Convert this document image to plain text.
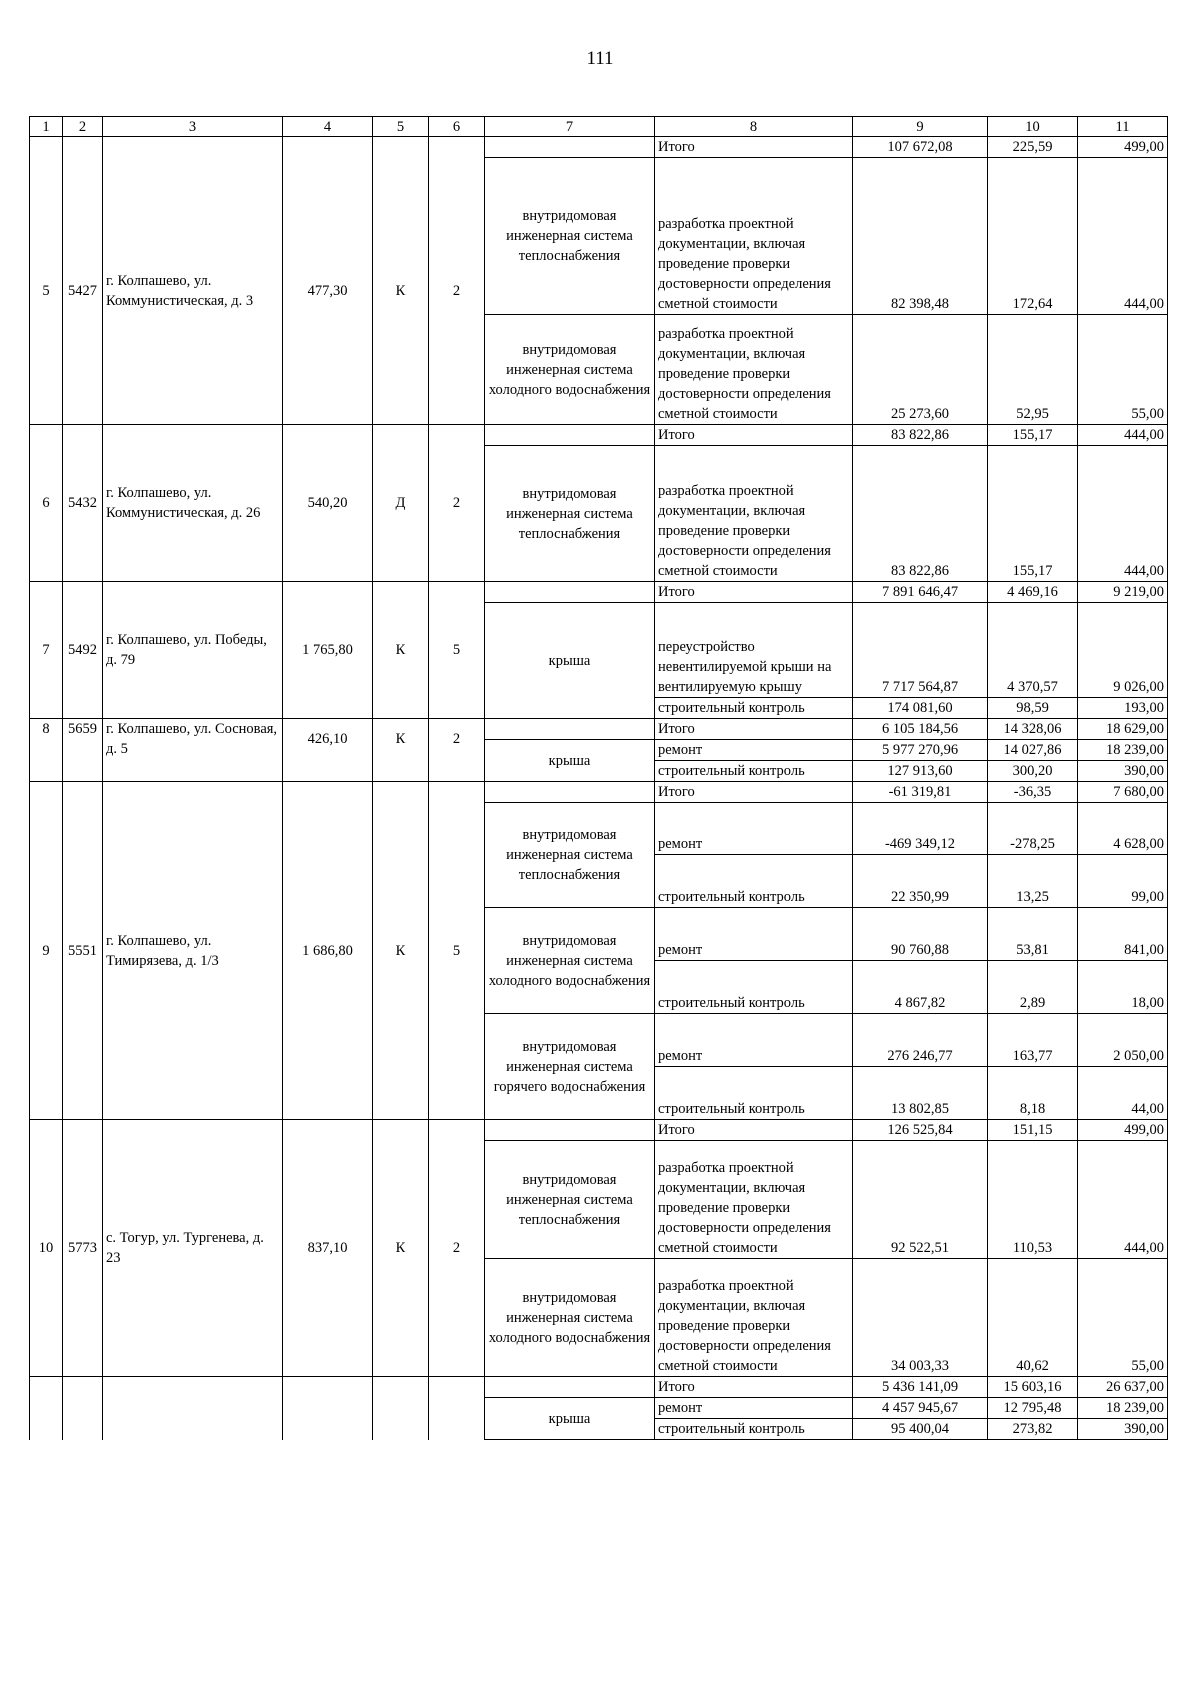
111
1	2	3	4	5	6	7	8	9	10	11
							Итого	107 672,08	225,59	499,00
5	5427	г. Колпашево, ул. Коммунистическая, д. 3	477,30	К	2	внутридомовая инженерная система теплоснабжения	разработка проектной документации, включая проведение проверки достоверности определения сметной стоимости	82 398,48	172,64	444,00
						внутридомовая инженерная система холодного водоснабжения	разработка проектной документации, включая проведение проверки достоверности определения сметной стоимости	25 273,60	52,95	55,00
6	5432	г. Колпашево, ул. Коммунистическая, д. 26	540,20	Д	2		Итого	83 822,86	155,17	444,00
						внутридомовая инженерная система теплоснабжения	разработка проектной документации, включая проведение проверки достоверности определения сметной стоимости	83 822,86	155,17	444,00
7	5492	г. Колпашево, ул. Победы, д. 79	1 765,80	К	5		Итого	7 891 646,47	4 469,16	9 219,00
						крыша	переустройство невентилируемой крыши на вентилируемую крышу	7 717 564,87	4 370,57	9 026,00
							строительный контроль	174 081,60	98,59	193,00
8	5659	г. Колпашево, ул. Сосновая, д. 5	426,10	К	2		Итого	6 105 184,56	14 328,06	18 629,00
						крыша	ремонт	5 977 270,96	14 027,86	18 239,00
							строительный контроль	127 913,60	300,20	390,00
9	5551	г. Колпашево, ул. Тимирязева, д. 1/3	1 686,80	К	5		Итого	-61 319,81	-36,35	7 680,00
						внутридомовая инженерная система теплоснабжения	ремонт	-469 349,12	-278,25	4 628,00
							строительный контроль	22 350,99	13,25	99,00
						внутридомовая инженерная система холодного водоснабжения	ремонт	90 760,88	53,81	841,00
							строительный контроль	4 867,82	2,89	18,00
						внутридомовая инженерная система горячего водоснабжения	ремонт	276 246,77	163,77	2 050,00
							строительный контроль	13 802,85	8,18	44,00
10	5773	с. Тогур, ул. Тургенева, д. 23	837,10	К	2		Итого	126 525,84	151,15	499,00
						внутридомовая инженерная система теплоснабжения	разработка проектной документации, включая проведение проверки достоверности определения сметной стоимости	92 522,51	110,53	444,00
						внутридомовая инженерная система холодного водоснабжения	разработка проектной документации, включая проведение проверки достоверности определения сметной стоимости	34 003,33	40,62	55,00
							Итого	5 436 141,09	15 603,16	26 637,00
						крыша	ремонт	4 457 945,67	12 795,48	18 239,00
							строительный контроль	95 400,04	273,82	390,00
